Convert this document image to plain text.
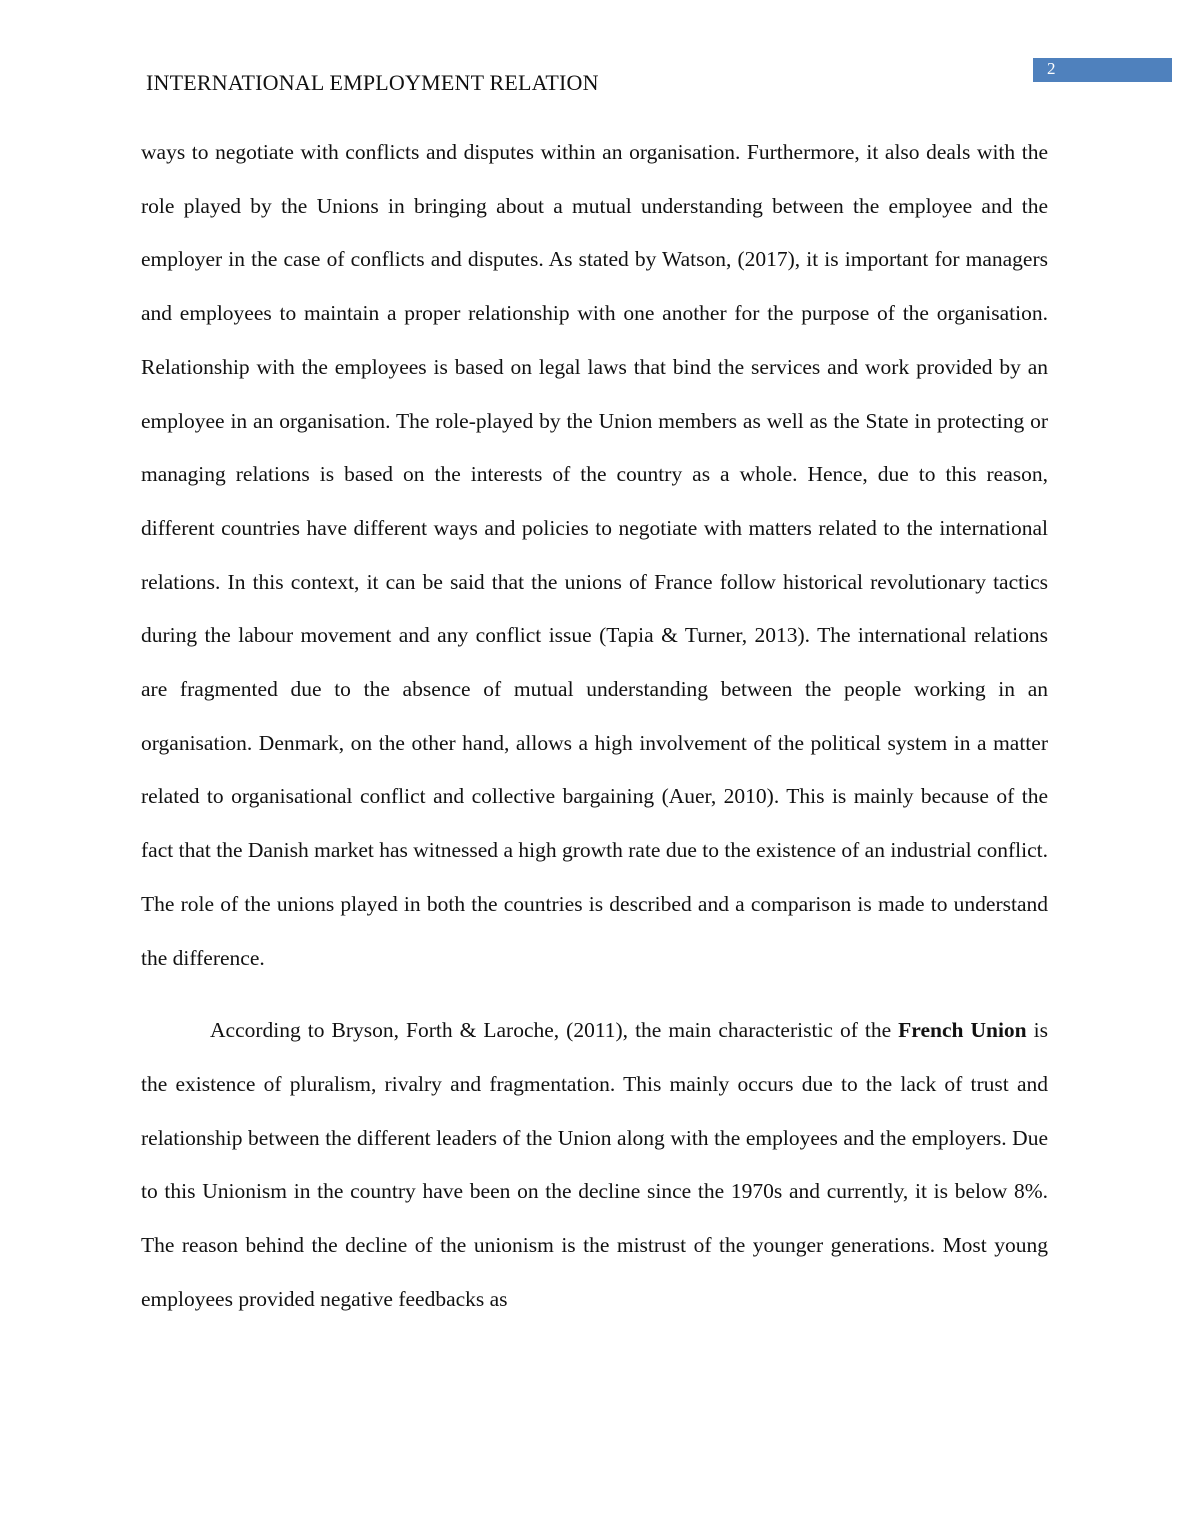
INTERNATIONAL EMPLOYMENT RELATION
2

ways to negotiate with conflicts and disputes within an organisation. Furthermore, it also deals with the role played by the Unions in bringing about a mutual understanding between the employee and the employer in the case of conflicts and disputes. As stated by Watson, (2017), it is important for managers and employees to maintain a proper relationship with one another for the purpose of the organisation. Relationship with the employees is based on legal laws that bind the services and work provided by an employee in an organisation. The role-played by the Union members as well as the State in protecting or managing relations is based on the interests of the country as a whole. Hence, due to this reason, different countries have different ways and policies to negotiate with matters related to the international relations. In this context, it can be said that the unions of France follow historical revolutionary tactics during the labour movement and any conflict issue (Tapia & Turner, 2013). The international relations are fragmented due to the absence of mutual understanding between the people working in an organisation. Denmark, on the other hand, allows a high involvement of the political system in a matter related to organisational conflict and collective bargaining (Auer, 2010). This is mainly because of the fact that the Danish market has witnessed a high growth rate due to the existence of an industrial conflict. The role of the unions played in both the countries is described and a comparison is made to understand the difference.

According to Bryson, Forth & Laroche, (2011), the main characteristic of the French Union is the existence of pluralism, rivalry and fragmentation. This mainly occurs due to the lack of trust and relationship between the different leaders of the Union along with the employees and the employers. Due to this Unionism in the country have been on the decline since the 1970s and currently, it is below 8%. The reason behind the decline of the unionism is the mistrust of the younger generations. Most young employees provided negative feedbacks as
